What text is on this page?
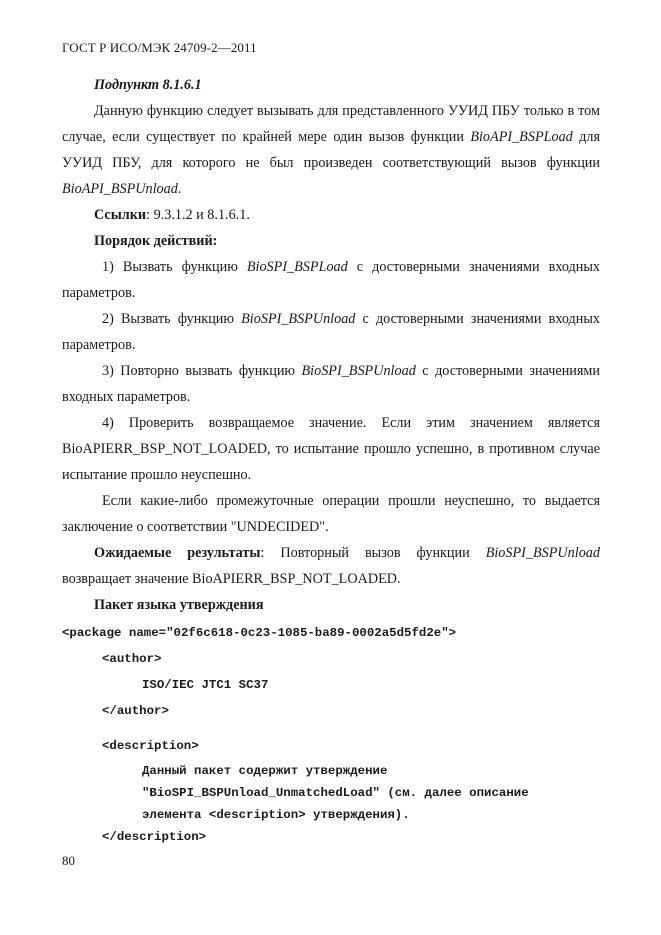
ГОСТ Р ИСО/МЭК 24709-2—2011

Подпункт 8.1.6.1

Данную функцию следует вызывать для представленного УУИД ПБУ только в том случае, если существует по крайней мере один вызов функции BioAPI_BSPLoad для УУИД ПБУ, для которого не был произведен соответствующий вызов функции BioAPI_BSPUnload.

Ссылки: 9.3.1.2 и 8.1.6.1.

Порядок действий:

1) Вызвать функцию BioSPI_BSPLoad с достоверными значениями входных параметров.

2) Вызвать функцию BioSPI_BSPUnload с достоверными значениями входных параметров.

3) Повторно вызвать функцию BioSPI_BSPUnload с достоверными значениями входных параметров.

4) Проверить возвращаемое значение. Если этим значением является BioAPIERR_BSP_NOT_LOADED, то испытание прошло успешно, в противном случае испытание прошло неуспешно.

Если какие-либо промежуточные операции прошли неуспешно, то выдается заключение о соответствии "UNDECIDED".

Ожидаемые результаты: Повторный вызов функции BioSPI_BSPUnload возвращает значение BioAPIERR_BSP_NOT_LOADED.

Пакет языка утверждения

<package name="02f6c618-0c23-1085-ba89-0002a5d5fd2e">
<author>
ISO/IEC JTC1 SC37
</author>
<description>
Данный пакет содержит утверждение
"BioSPI_BSPUnload_UnmatchedLoad" (см. далее описание
элемента <description> утверждения).
</description>
80
